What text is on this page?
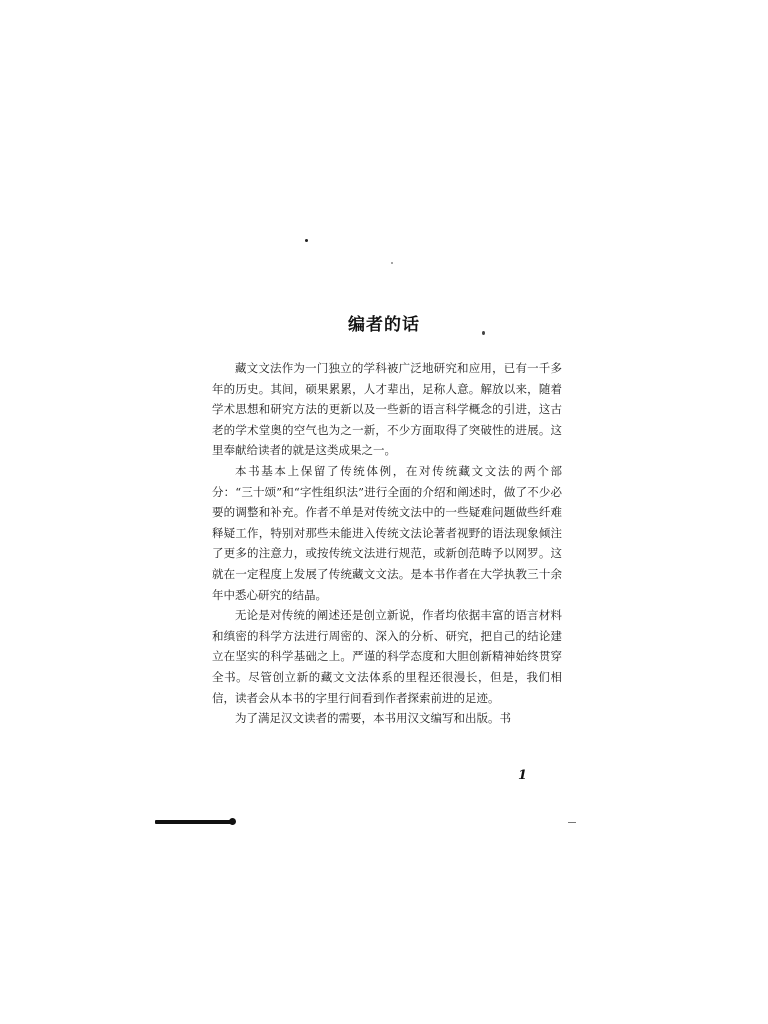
编者的话

藏文文法作为一门独立的学科被广泛地研究和应用，已有一千多年的历史。其间，硕果累累，人才辈出，足称人意。解放以来，随着学术思想和研究方法的更新以及一些新的语言科学概念的引进，这古老的学术堂奥的空气也为之一新，不少方面取得了突破性的进展。这里奉献给读者的就是这类成果之一。

本书基本上保留了传统体例，在对传统藏文文法的两个部分：“三十颂”和“字性组织法”进行全面的介绍和阐述时，做了不少必要的调整和补充。作者不单是对传统文法中的一些疑难问题做些纤难释疑工作，特别对那些未能进入传统文法论著者视野的语法现象倾注了更多的注意力，或按传统文法进行规范，或新创范畴予以网罗。这就在一定程度上发展了传统藏文文法。是本书作者在大学执教三十余年中悉心研究的结晶。

无论是对传统的阐述还是创立新说，作者均依据丰富的语言材料和缜密的科学方法进行周密的、深入的分析、研究，把自己的结论建立在坚实的科学基础之上。严谨的科学态度和大胆创新精神始终贯穿全书。尽管创立新的藏文文法体系的里程还很漫长，但是，我们相信，读者会从本书的字里行间看到作者探索前进的足迹。

为了满足汉文读者的需要，本书用汉文编写和出版。书

1
